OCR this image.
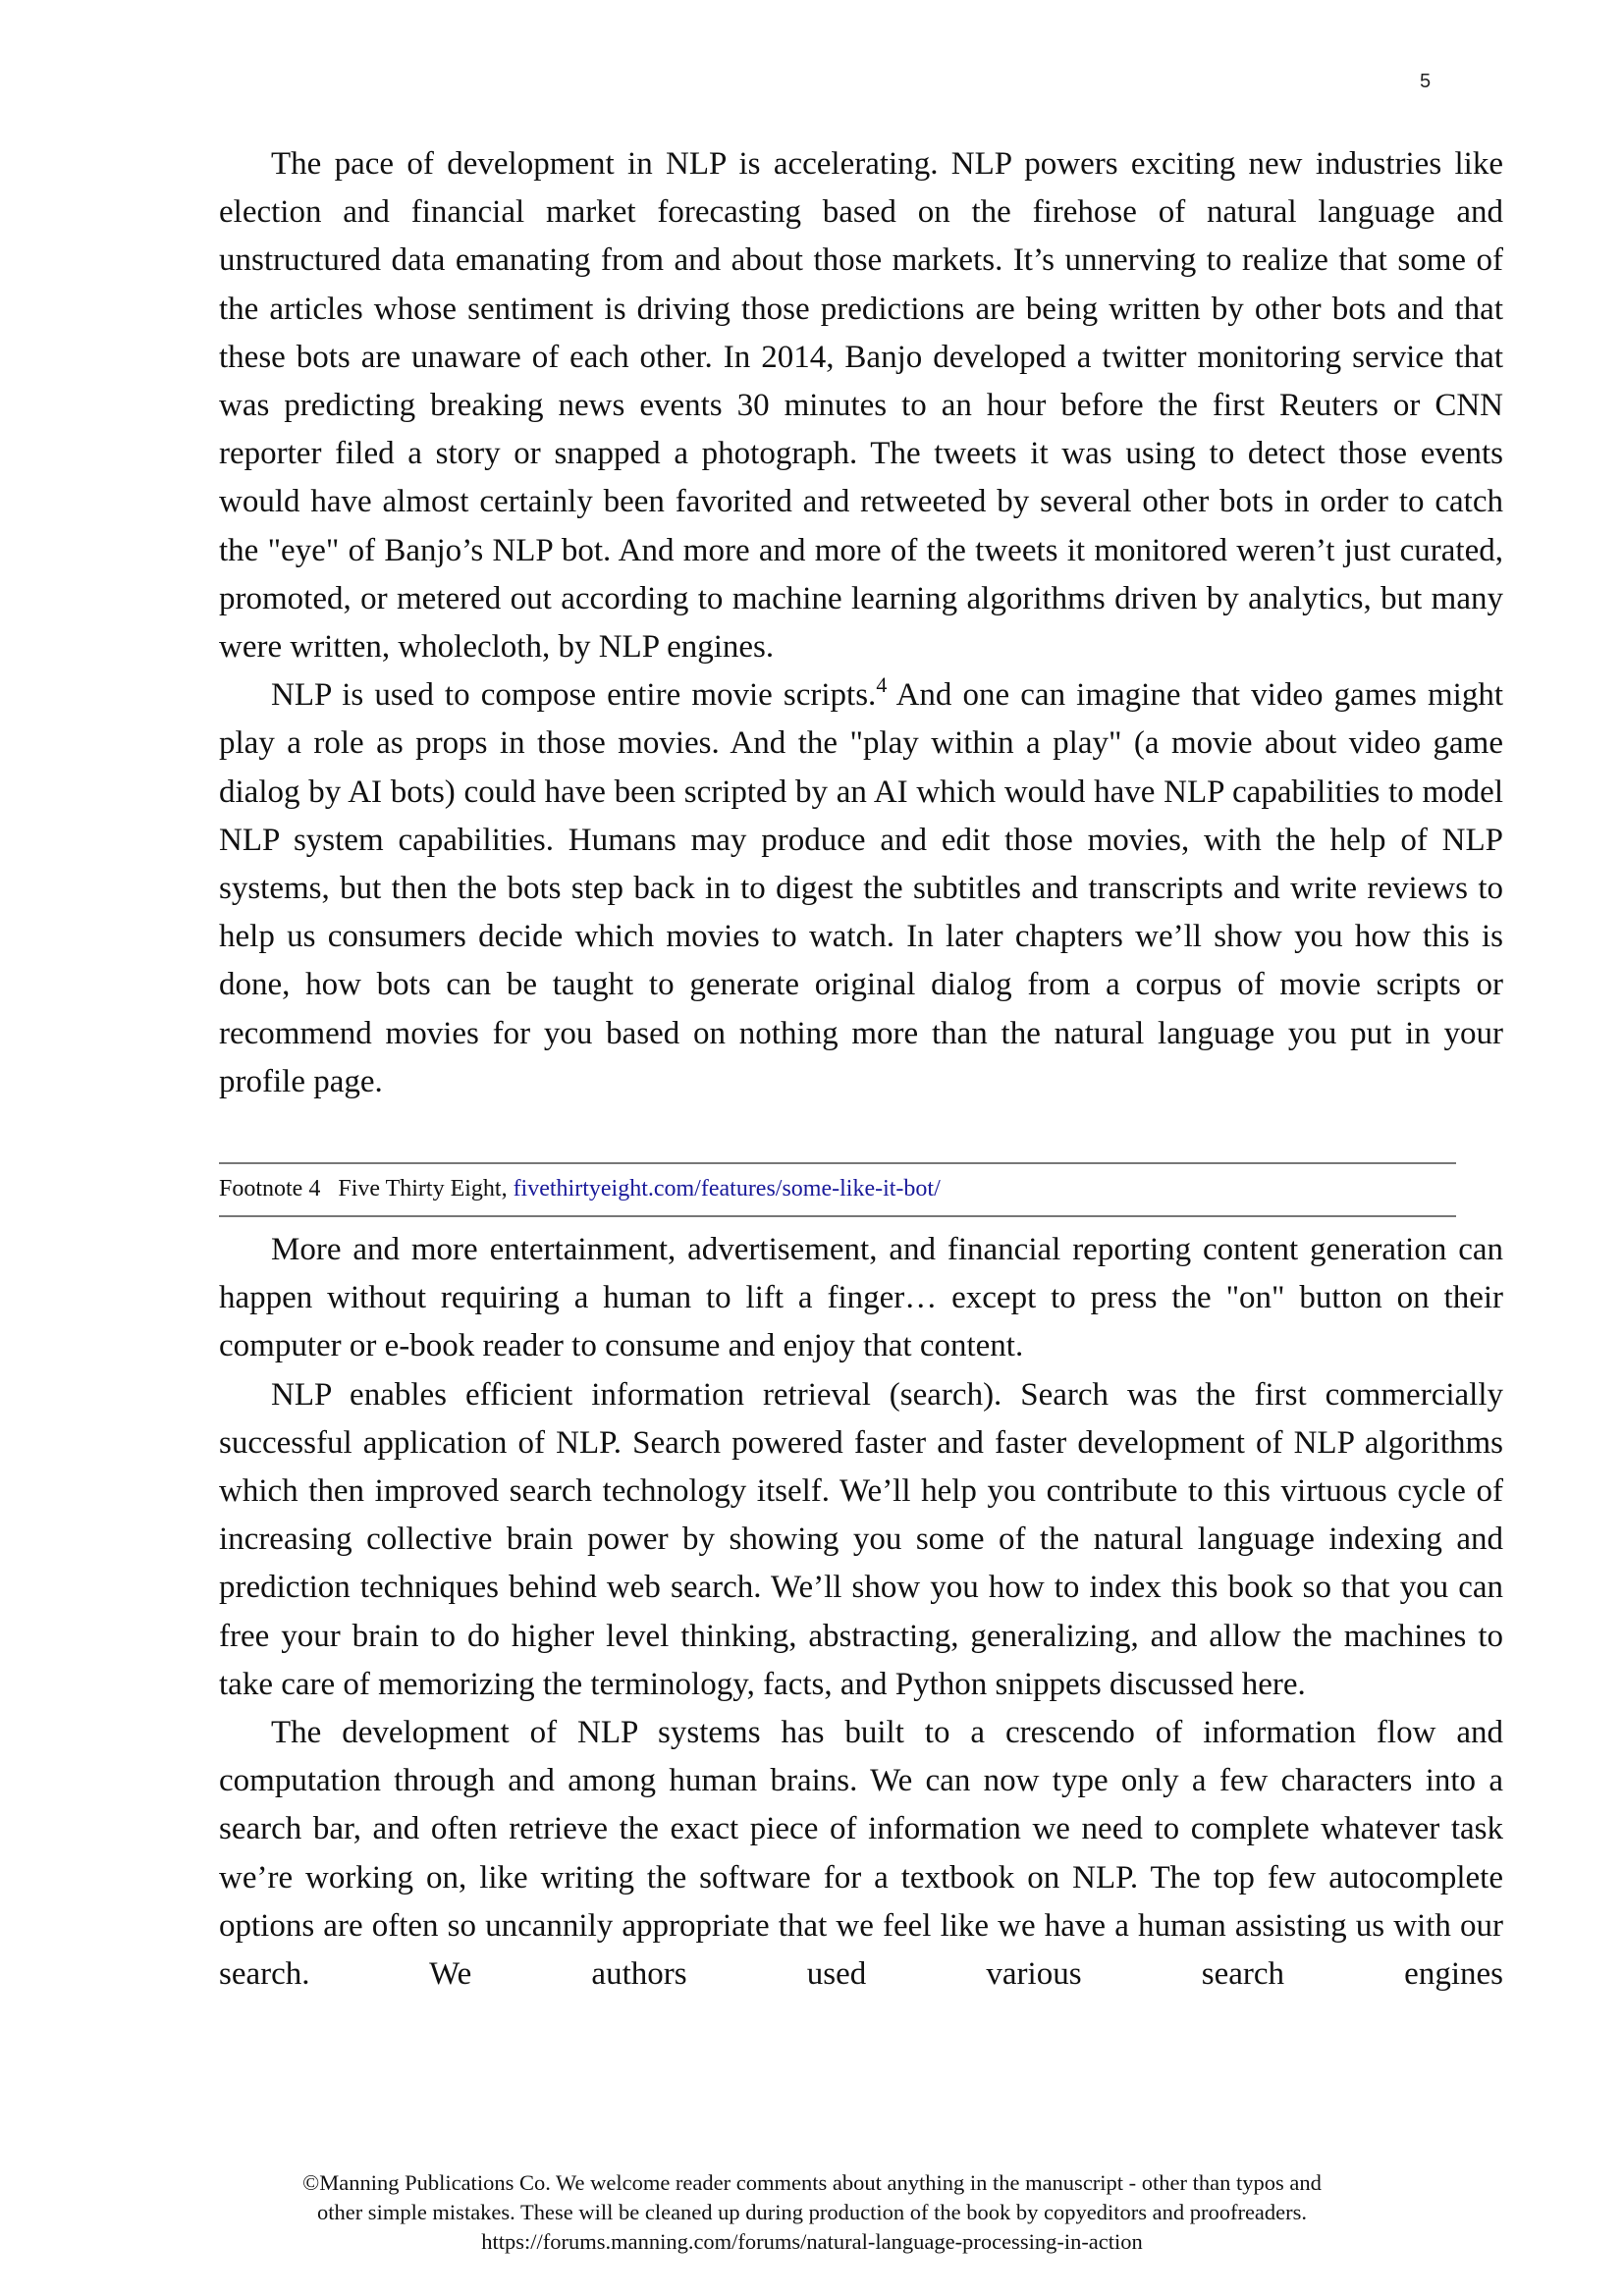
5

The pace of development in NLP is accelerating. NLP powers exciting new industries like election and financial market forecasting based on the firehose of natural language and unstructured data emanating from and about those markets. It’s unnerving to realize that some of the articles whose sentiment is driving those predictions are being written by other bots and that these bots are unaware of each other. In 2014, Banjo developed a twitter monitoring service that was predicting breaking news events 30 minutes to an hour before the first Reuters or CNN reporter filed a story or snapped a photograph. The tweets it was using to detect those events would have almost certainly been favorited and retweeted by several other bots in order to catch the "eye" of Banjo’s NLP bot. And more and more of the tweets it monitored weren’t just curated, promoted, or metered out according to machine learning algorithms driven by analytics, but many were written, wholecloth, by NLP engines.

NLP is used to compose entire movie scripts.$^4$ And one can imagine that video games might play a role as props in those movies. And the "play within a play" (a movie about video game dialog by AI bots) could have been scripted by an AI which would have NLP capabilities to model NLP system capabilities. Humans may produce and edit those movies, with the help of NLP systems, but then the bots step back in to digest the subtitles and transcripts and write reviews to help us consumers decide which movies to watch. In later chapters we’ll show you how this is done, how bots can be taught to generate original dialog from a corpus of movie scripts or recommend movies for you based on nothing more than the natural language you put in your profile page.

Footnote 4 Five Thirty Eight, fivethirtyeight.com/features/some-like-it-bot/

More and more entertainment, advertisement, and financial reporting content generation can happen without requiring a human to lift a finger… except to press the "on" button on their computer or e-book reader to consume and enjoy that content.

NLP enables efficient information retrieval (search). Search was the first commercially successful application of NLP. Search powered faster and faster development of NLP algorithms which then improved search technology itself. We’ll help you contribute to this virtuous cycle of increasing collective brain power by showing you some of the natural language indexing and prediction techniques behind web search. We’ll show you how to index this book so that you can free your brain to do higher level thinking, abstracting, generalizing, and allow the machines to take care of memorizing the terminology, facts, and Python snippets discussed here.

The development of NLP systems has built to a crescendo of information flow and computation through and among human brains. We can now type only a few characters into a search bar, and often retrieve the exact piece of information we need to complete whatever task we’re working on, like writing the software for a textbook on NLP. The top few autocomplete options are often so uncannily appropriate that we feel like we have a human assisting us with our search. We authors used various search engines

©Manning Publications Co. We welcome reader comments about anything in the manuscript - other than typos and
other simple mistakes. These will be cleaned up during production of the book by copyeditors and proofreaders.
https://forums.manning.com/forums/natural-language-processing-in-action
